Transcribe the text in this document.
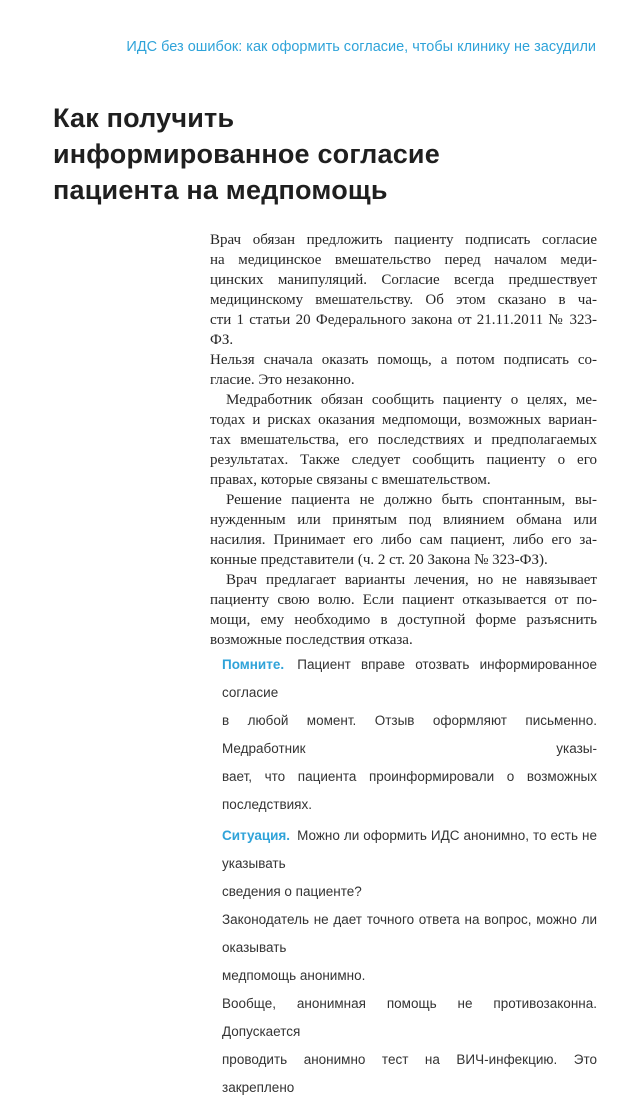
ИДС без ошибок: как оформить согласие, чтобы клинику не засудили
Как получить
информированное согласие
пациента на медпомощь
Врач обязан предложить пациенту подписать согласие
на медицинское вмешательство перед началом меди-
цинских манипуляций. Согласие всегда предшествует
медицинскому вмешательству. Об этом сказано в ча-
сти 1 статьи 20 Федерального закона от 21.11.2011 № 323-ФЗ.
Нельзя сначала оказать помощь, а потом подписать со-
гласие. Это незаконно.
Медработник обязан сообщить пациенту о целях, ме-
тодах и рисках оказания медпомощи, возможных вариан-
тах вмешательства, его последствиях и предполагаемых
результатах. Также следует сообщить пациенту о его
правах, которые связаны с вмешательством.
Решение пациента не должно быть спонтанным, вы-
нужденным или принятым под влиянием обмана или
насилия. Принимает его либо сам пациент, либо его за-
конные представители (ч. 2 ст. 20 Закона № 323-ФЗ).
Врач предлагает варианты лечения, но не навязывает
пациенту свою волю. Если пациент отказывается от по-
мощи, ему необходимо в доступной форме разъяснить
возможные последствия отказа.
Помните. Пациент вправе отозвать информированное согласие
в любой момент. Отзыв оформляют письменно. Медработник указы-
вает, что пациента проинформировали о возможных последствиях.
Ситуация. Можно ли оформить ИДС анонимно, то есть не указывать
сведения о пациенте?
Законодатель не дает точного ответа на вопрос, можно ли оказывать
медпомощь анонимно.
Вообще, анонимная помощь не противозаконна. Допускается
проводить анонимно тест на ВИЧ-инфекцию. Это закреплено
